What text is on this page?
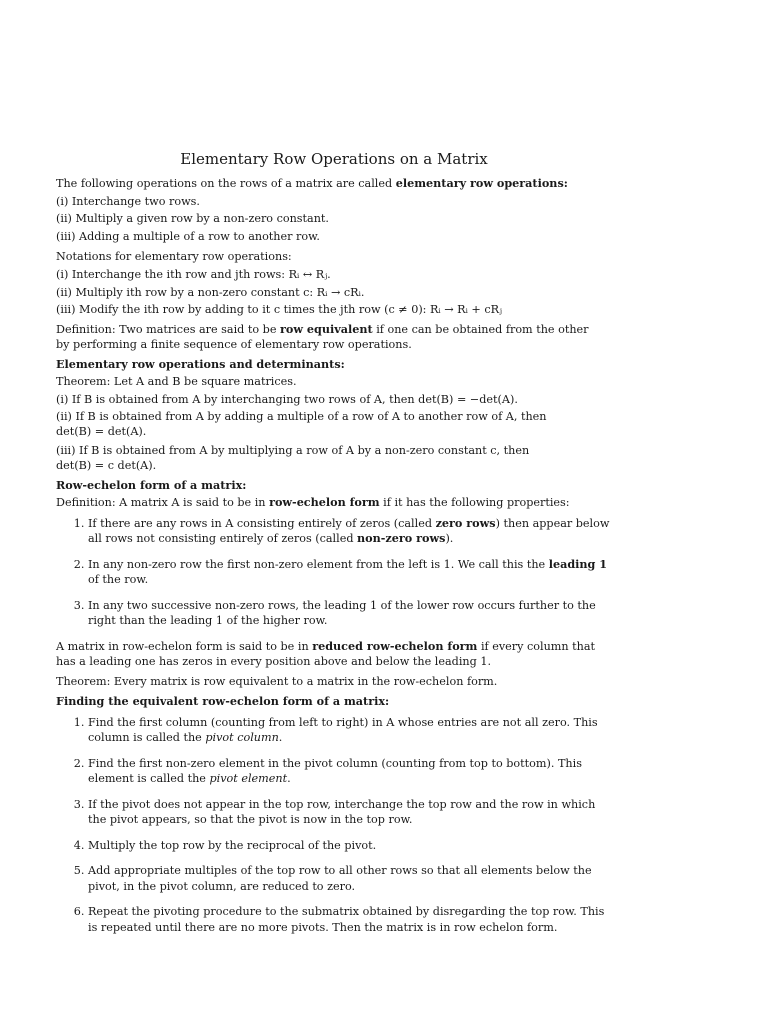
Elementary Row Operations on a Matrix
The following operations on the rows of a matrix are called elementary row operations:
(i) Interchange two rows.
(ii) Multiply a given row by a non-zero constant.
(iii) Adding a multiple of a row to another row.
Notations for elementary row operations:
(i) Interchange the ith row and jth rows: Rᵢ ↔ Rⱼ.
(ii) Multiply ith row by a non-zero constant c: Rᵢ → cRᵢ.
(iii) Modify the ith row by adding to it c times the jth row (c ≠ 0): Rᵢ → Rᵢ + cRⱼ
Definition: Two matrices are said to be row equivalent if one can be obtained from the other
by performing a finite sequence of elementary row operations.
Elementary row operations and determinants:
Theorem: Let A and B be square matrices.
(i) If B is obtained from A by interchanging two rows of A, then det(B) = −det(A).
(ii) If B is obtained from A by adding a multiple of a row of A to another row of A, then
det(B) = det(A).
(iii) If B is obtained from A by multiplying a row of A by a non-zero constant c, then
det(B) = c det(A).
Row-echelon form of a matrix:
Definition: A matrix A is said to be in row-echelon form if it has the following properties:
1. If there are any rows in A consisting entirely of zeros (called zero rows) then appear below all rows not consisting entirely of zeros (called non-zero rows).
2. In any non-zero row the first non-zero element from the left is 1. We call this the leading 1 of the row.
3. In any two successive non-zero rows, the leading 1 of the lower row occurs further to the right than the leading 1 of the higher row.
A matrix in row-echelon form is said to be in reduced row-echelon form if every column that has a leading one has zeros in every position above and below the leading 1.
Theorem: Every matrix is row equivalent to a matrix in the row-echelon form.
Finding the equivalent row-echelon form of a matrix:
1. Find the first column (counting from left to right) in A whose entries are not all zero. This column is called the pivot column.
2. Find the first non-zero element in the pivot column (counting from top to bottom). This element is called the pivot element.
3. If the pivot does not appear in the top row, interchange the top row and the row in which the pivot appears, so that the pivot is now in the top row.
4. Multiply the top row by the reciprocal of the pivot.
5. Add appropriate multiples of the top row to all other rows so that all elements below the pivot, in the pivot column, are reduced to zero.
6. Repeat the pivoting procedure to the submatrix obtained by disregarding the top row. This is repeated until there are no more pivots. Then the matrix is in row echelon form.
